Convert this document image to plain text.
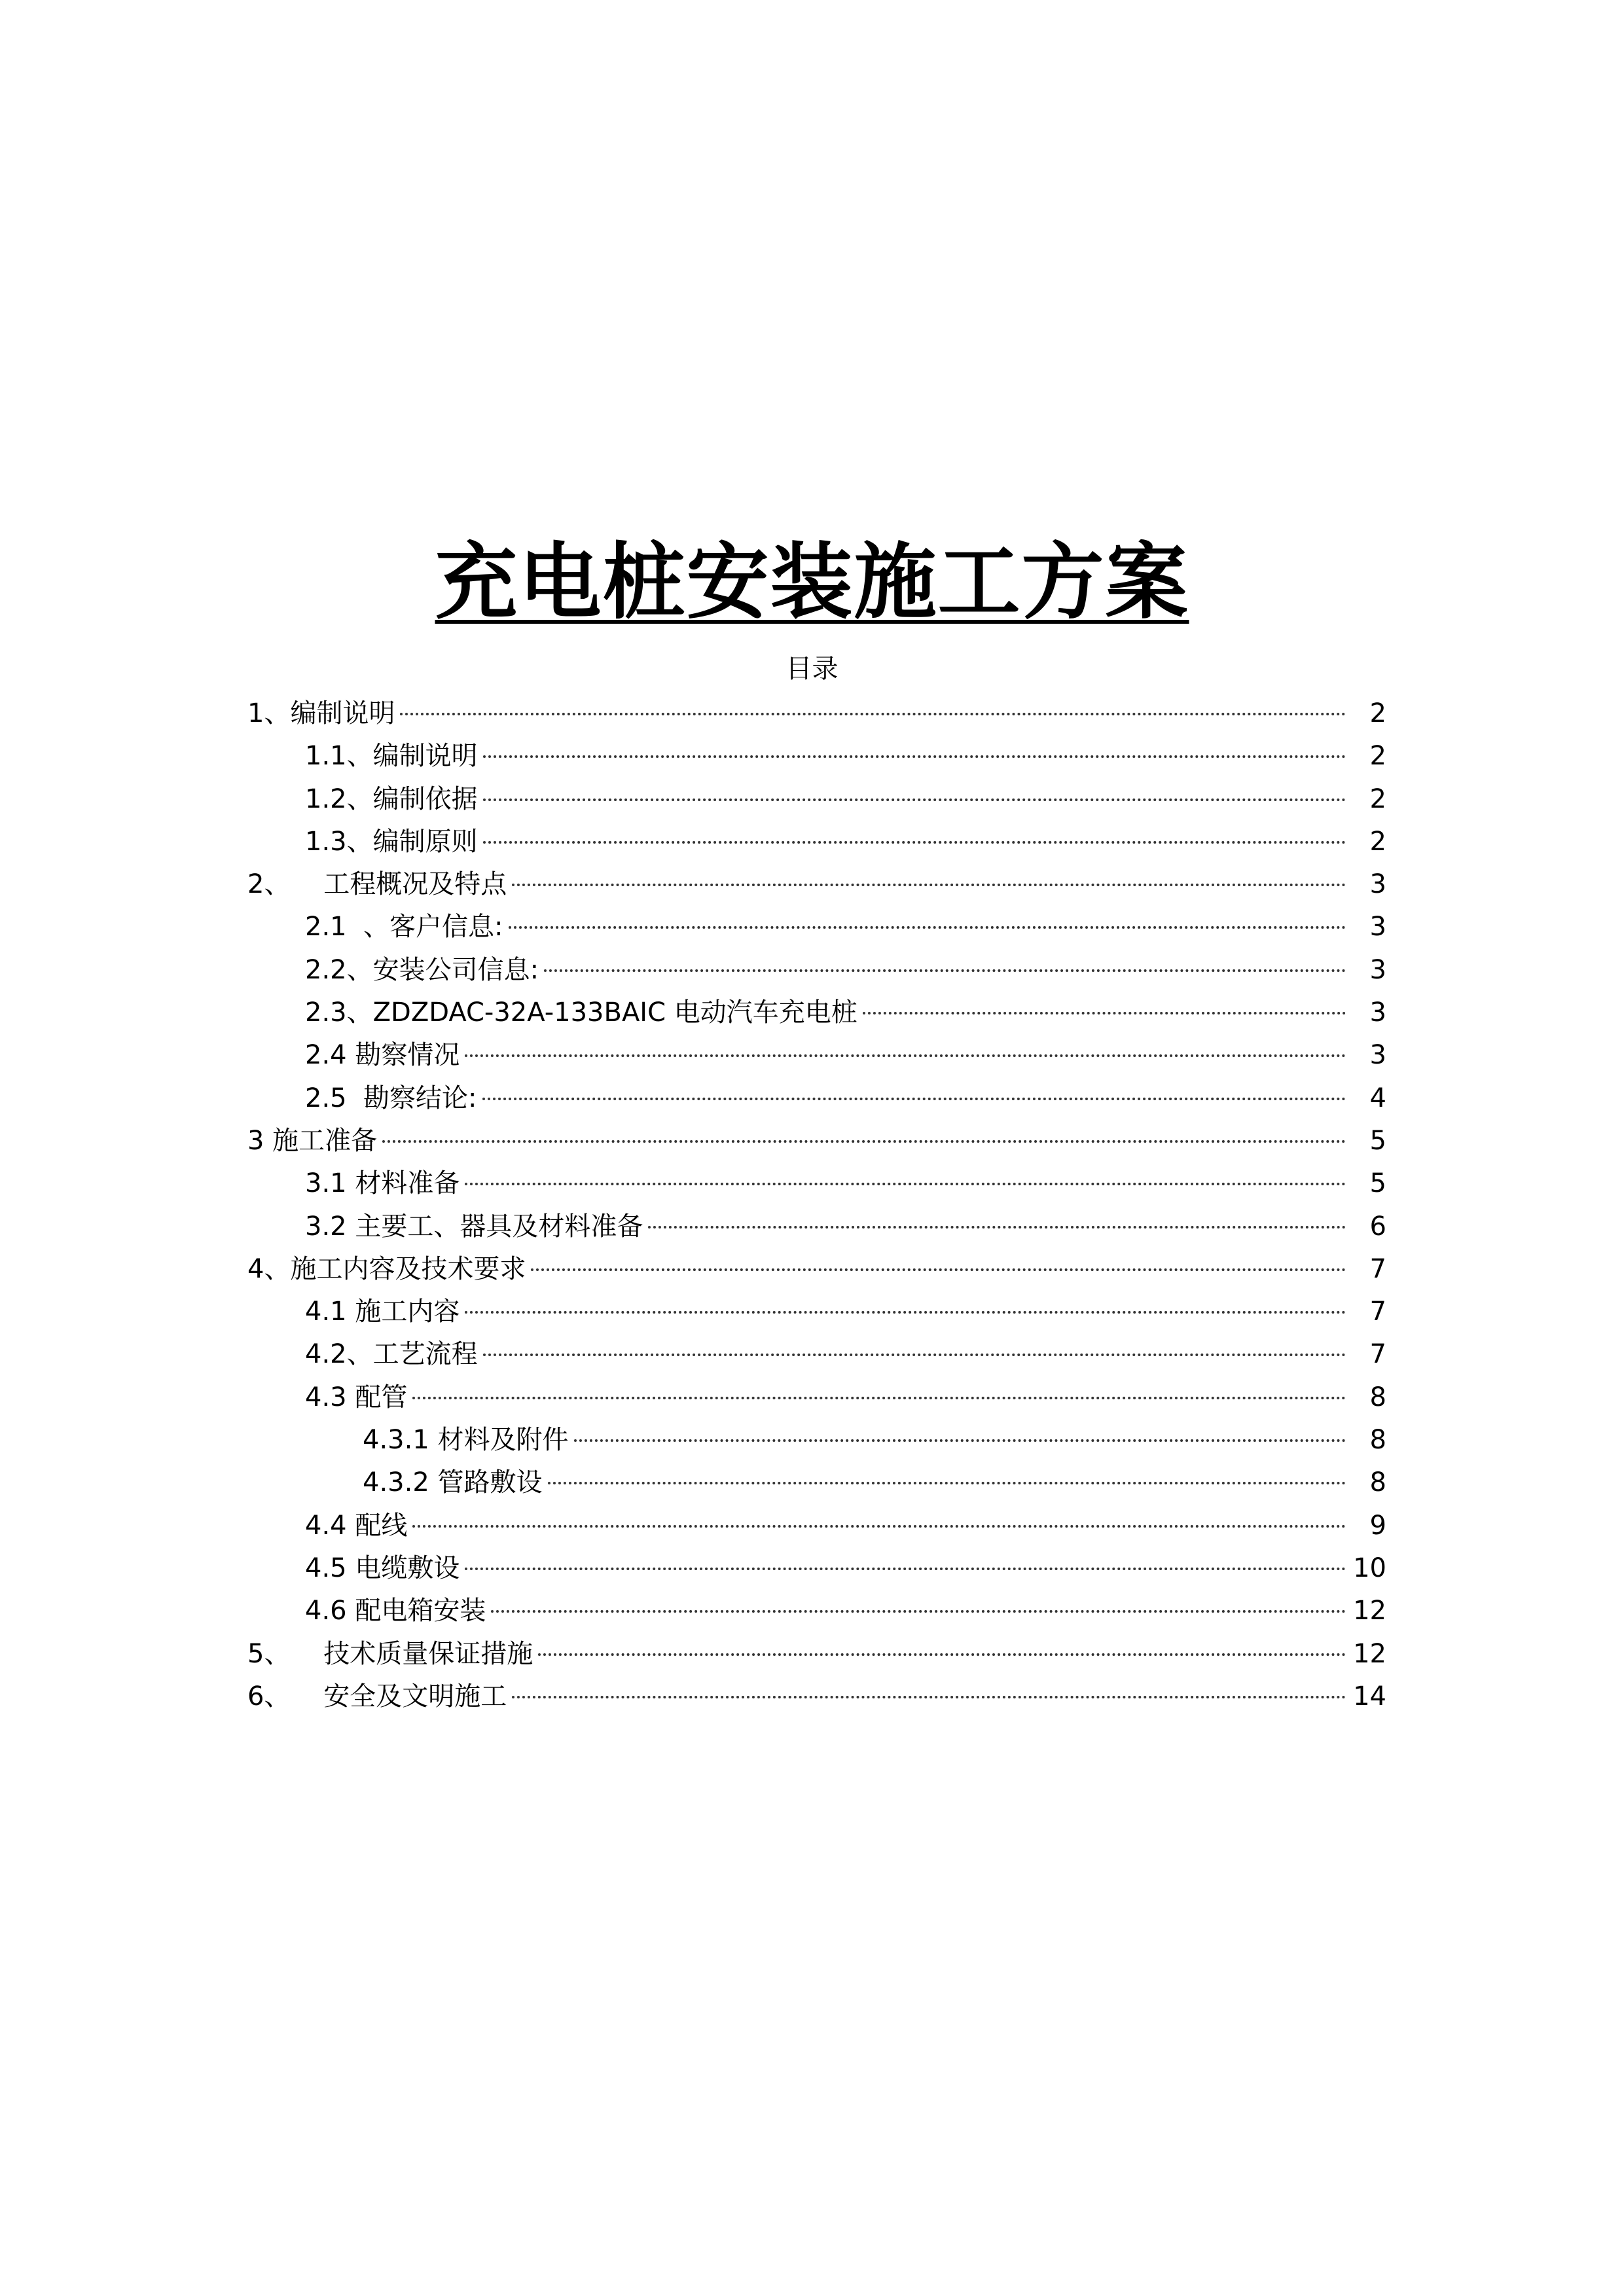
充电桩安装施工方案
目录
1、编制说明	2
1.1、编制说明	2
1.2、编制依据	2
1.3、编制原则	2
2、    工程概况及特点	3
2.1  、客户信息:	3
2.2、安装公司信息:	3
2.3、ZDZDAC-32A-133BAIC 电动汽车充电桩	3
2.4 勘察情况	3
2.5  勘察结论:	4
3 施工准备	5
3.1 材料准备	5
3.2 主要工、器具及材料准备	6
4、施工内容及技术要求	7
4.1 施工内容	7
4.2、工艺流程	7
4.3 配管	8
4.3.1 材料及附件	8
4.3.2 管路敷设	8
4.4 配线	9
4.5 电缆敷设	10
4.6 配电箱安装	12
5、    技术质量保证措施	12
6、    安全及文明施工	14
